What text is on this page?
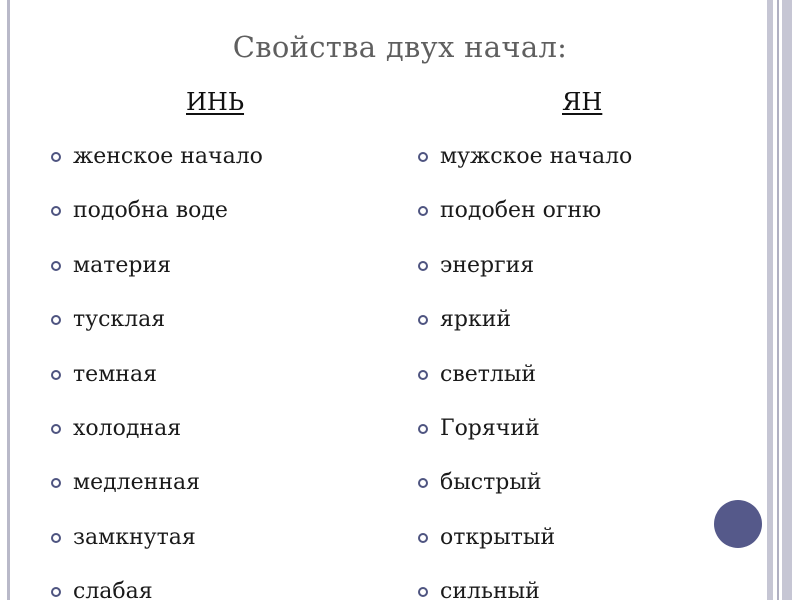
Свойства двух начал:
ИНЬ	ЯН
женское начало
подобна воде
материя
тусклая
темная
холодная
медленная
замкнутая
слабая
мужское начало
подобен огню
энергия
яркий
светлый
Горячий
быстрый
открытый
сильный
